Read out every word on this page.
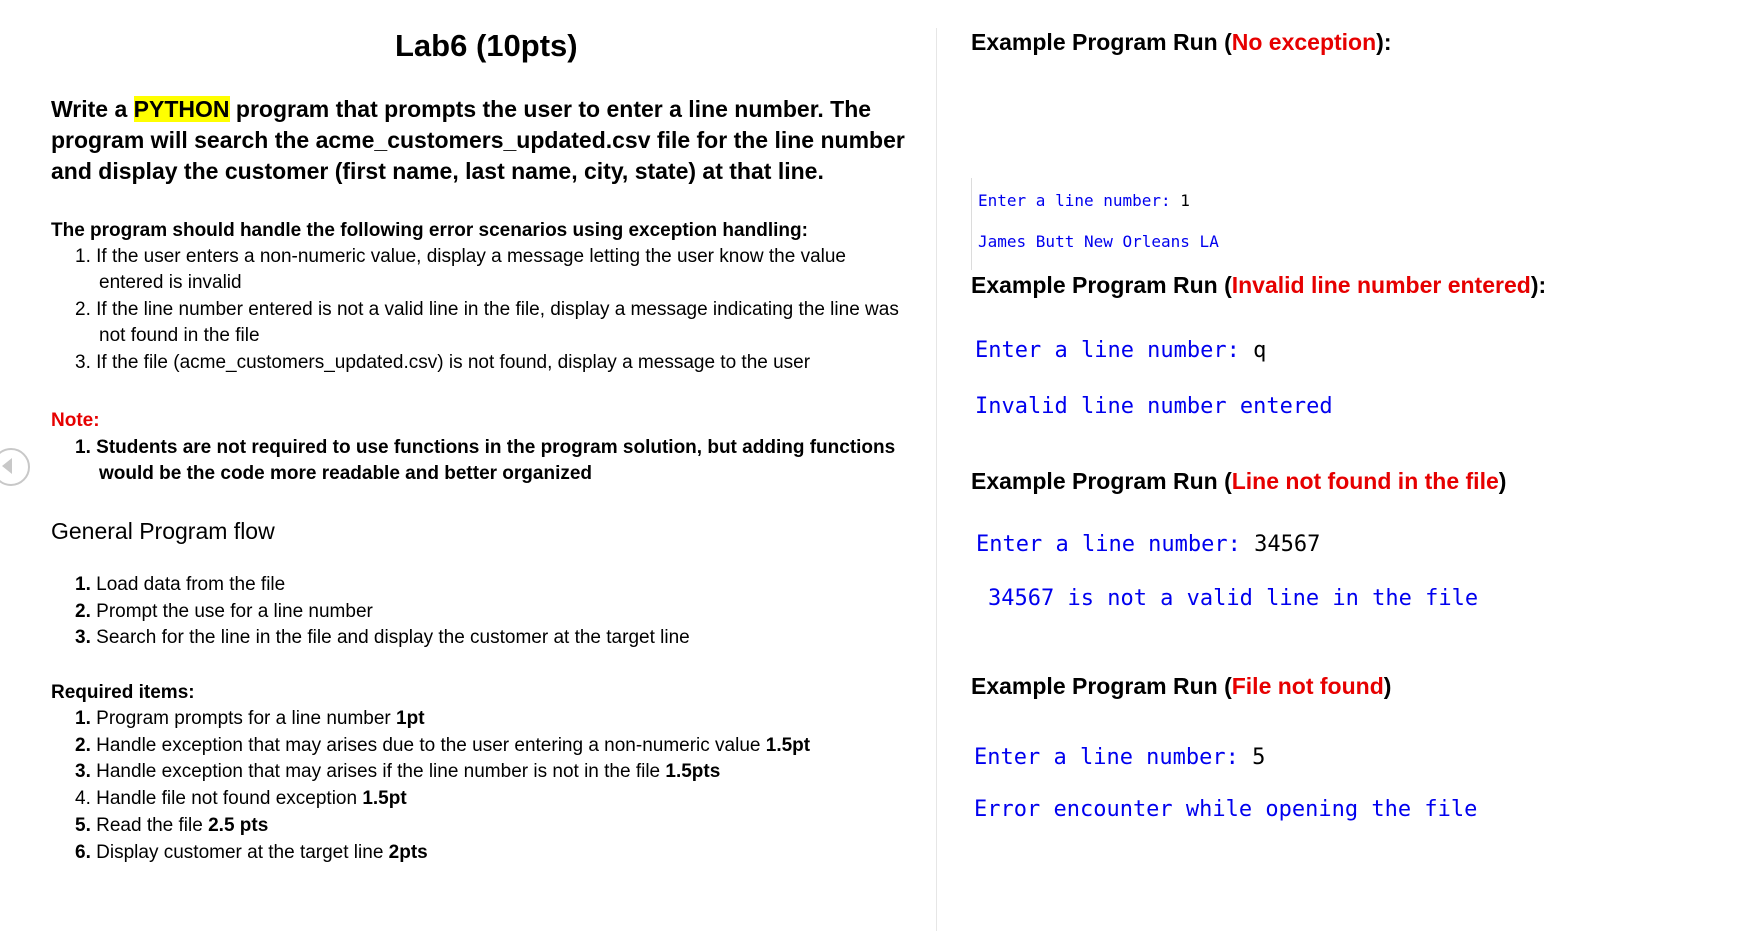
Lab6 (10pts)
Write a PYTHON program that prompts the user to enter a line number. The program will search the acme_customers_updated.csv file for the line number and display the customer (first name, last name, city, state) at that line.
The program should handle the following error scenarios using exception handling:
1. If the user enters a non-numeric value, display a message letting the user know the value
entered is invalid
2. If the line number entered is not a valid line in the file, display a message indicating the line was
not found in the file
3. If the file (acme_customers_updated.csv) is not found, display a message to the user
Note:
1. Students are not required to use functions in the program solution, but adding functions
would be the code more readable and better organized
General Program flow
1. Load data from the file
2. Prompt the use for a line number
3. Search for the line in the file and display the customer at the target line
Required items:
1. Program prompts for a line number 1pt
2. Handle exception that may arises due to the user entering a non-numeric value 1.5pt
3. Handle exception that may arises if the line number is not in the file 1.5pts
4. Handle file not found exception 1.5pt
5. Read the file 2.5 pts
6. Display customer at the target line 2pts
Example Program Run (No exception):
Enter a line number: 1
James Butt New Orleans LA
Example Program Run (Invalid line number entered):
Enter a line number: q
Invalid line number entered
Example Program Run (Line not found in the file)
Enter a line number: 34567
34567 is not a valid line in the file
Example Program Run (File not found)
Enter a line number: 5
Error encounter while opening the file
